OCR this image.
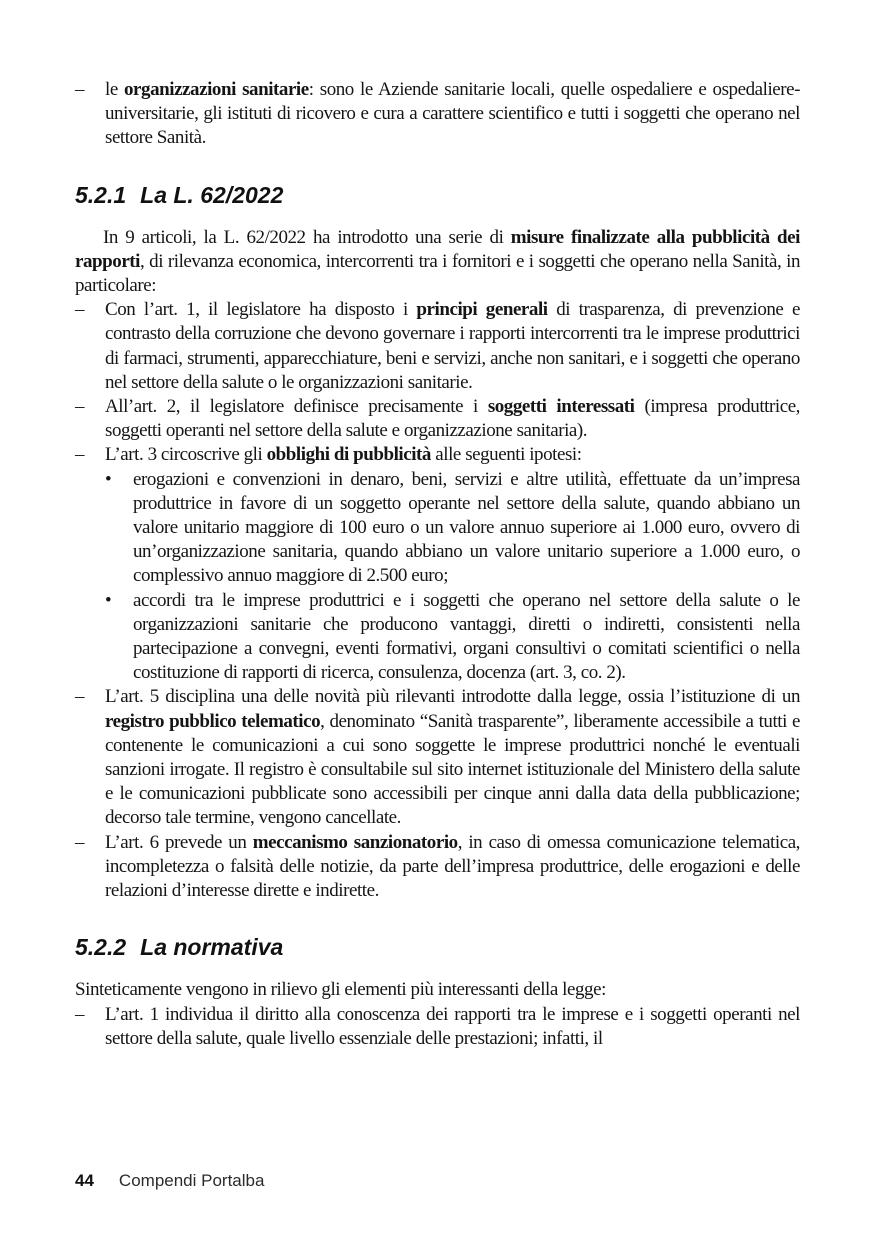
– le organizzazioni sanitarie: sono le Aziende sanitarie locali, quelle ospedaliere e ospedaliere-universitarie, gli istituti di ricovero e cura a carattere scientifico e tutti i soggetti che operano nel settore Sanità.
5.2.1 La L. 62/2022

In 9 articoli, la L. 62/2022 ha introdotto una serie di misure finalizzate alla pubblicità dei rapporti, di rilevanza economica, intercorrenti tra i fornitori e i soggetti che operano nella Sanità, in particolare:

– Con l’art. 1, il legislatore ha disposto i principi generali di trasparenza, di prevenzione e contrasto della corruzione che devono governare i rapporti intercorrenti tra le imprese produttrici di farmaci, strumenti, apparecchiature, beni e servizi, anche non sanitari, e i soggetti che operano nel settore della salute o le organizzazioni sanitarie.
– All’art. 2, il legislatore definisce precisamente i soggetti interessati (impresa produttrice, soggetti operanti nel settore della salute e organizzazione sanitaria).
– L’art. 3 circoscrive gli obblighi di pubblicità alle seguenti ipotesi:
• erogazioni e convenzioni in denaro, beni, servizi e altre utilità, effettuate da un’impresa produttrice in favore di un soggetto operante nel settore della salute, quando abbiano un valore unitario maggiore di 100 euro o un valore annuo superiore ai 1.000 euro, ovvero di un’organizzazione sanitaria, quando abbiano un valore unitario superiore a 1.000 euro, o complessivo annuo maggiore di 2.500 euro;
• accordi tra le imprese produttrici e i soggetti che operano nel settore della salute o le organizzazioni sanitarie che producono vantaggi, diretti o indiretti, consistenti nella partecipazione a convegni, eventi formativi, organi consultivi o comitati scientifici o nella costituzione di rapporti di ricerca, consulenza, docenza (art. 3, co. 2).
– L’art. 5 disciplina una delle novità più rilevanti introdotte dalla legge, ossia l’istituzione di un registro pubblico telematico, denominato “Sanità trasparente”, liberamente accessibile a tutti e contenente le comunicazioni a cui sono soggette le imprese produttrici nonché le eventuali sanzioni irrogate. Il registro è consultabile sul sito internet istituzionale del Ministero della salute e le comunicazioni pubblicate sono accessibili per cinque anni dalla data della pubblicazione; decorso tale termine, vengono cancellate.
– L’art. 6 prevede un meccanismo sanzionatorio, in caso di omessa comunicazione telematica, incompletezza o falsità delle notizie, da parte dell’impresa produttrice, delle erogazioni e delle relazioni d’interesse dirette e indirette.
5.2.2 La normativa

Sinteticamente vengono in rilievo gli elementi più interessanti della legge:

– L’art. 1 individua il diritto alla conoscenza dei rapporti tra le imprese e i soggetti operanti nel settore della salute, quale livello essenziale delle prestazioni; infatti, il
44 Compendi Portalba
